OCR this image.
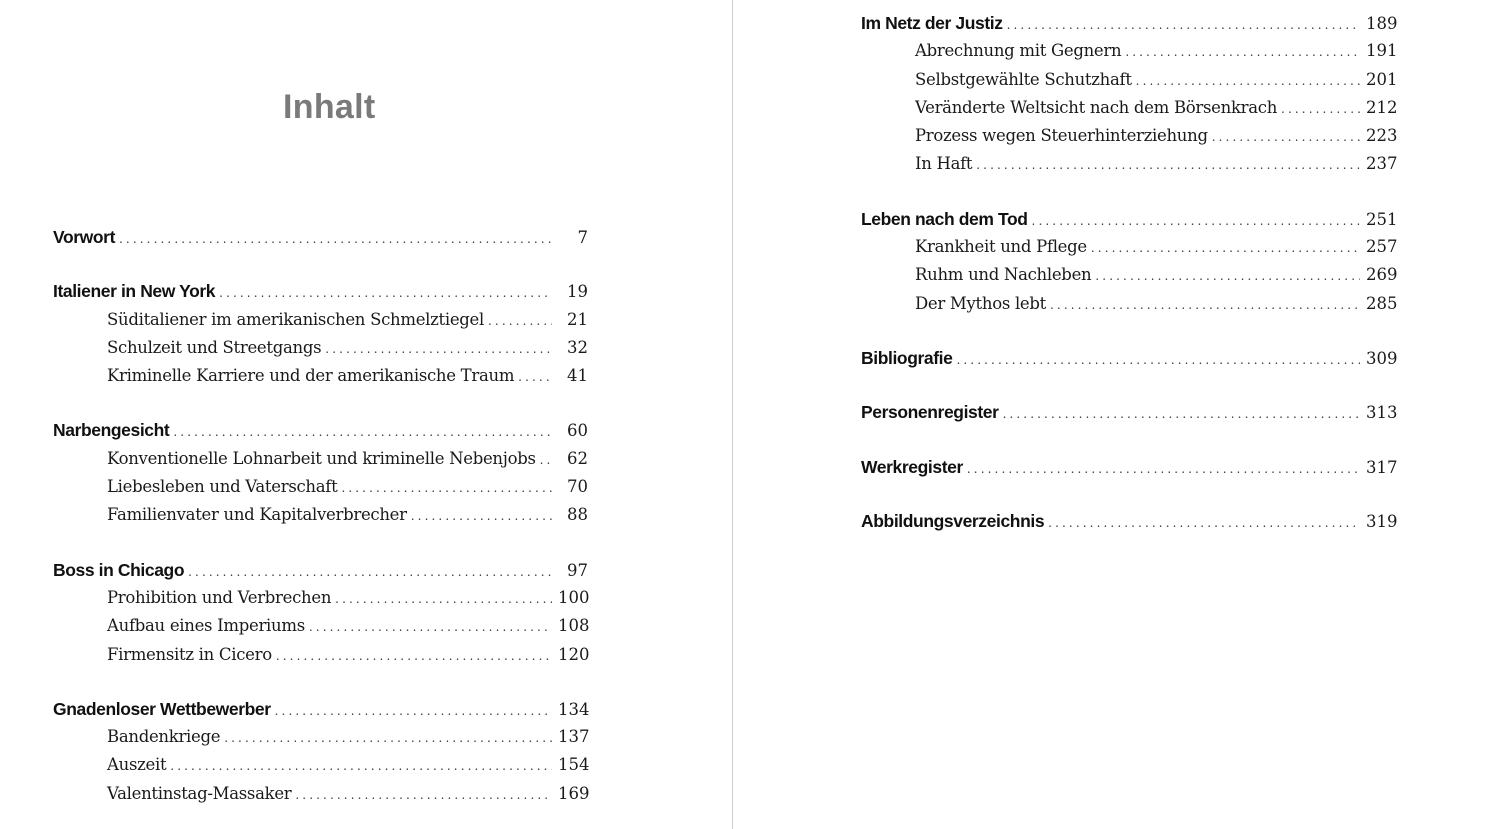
Inhalt
Vorwort .....	7
Italiener in New York .....	19
Süditaliener im amerikanischen Schmelztiegel .....	21
Schulzeit und Streetgangs .....	32
Kriminelle Karriere und der amerikanische Traum .....	41
Narbengesicht .....	60
Konventionelle Lohnarbeit und kriminelle Nebenjobs .....	62
Liebesleben und Vaterschaft .....	70
Familienvater und Kapitalverbrecher .....	88
Boss in Chicago .....	97
Prohibition und Verbrechen .....	100
Aufbau eines Imperiums .....	108
Firmensitz in Cicero .....	120
Gnadenloser Wettbewerber .....	134
Bandenkriege .....	137
Auszeit .....	154
Valentinstag-Massaker .....	169
Im Netz der Justiz .....	189
Abrechnung mit Gegnern .....	191
Selbstgewählte Schutzhaft .....	201
Veränderte Weltsicht nach dem Börsenkrach .....	212
Prozess wegen Steuerhinterziehung .....	223
In Haft .....	237
Leben nach dem Tod .....	251
Krankheit und Pflege .....	257
Ruhm und Nachleben .....	269
Der Mythos lebt .....	285
Bibliografie .....	309
Personenregister .....	313
Werkregister .....	317
Abbildungsverzeichnis .....	319
